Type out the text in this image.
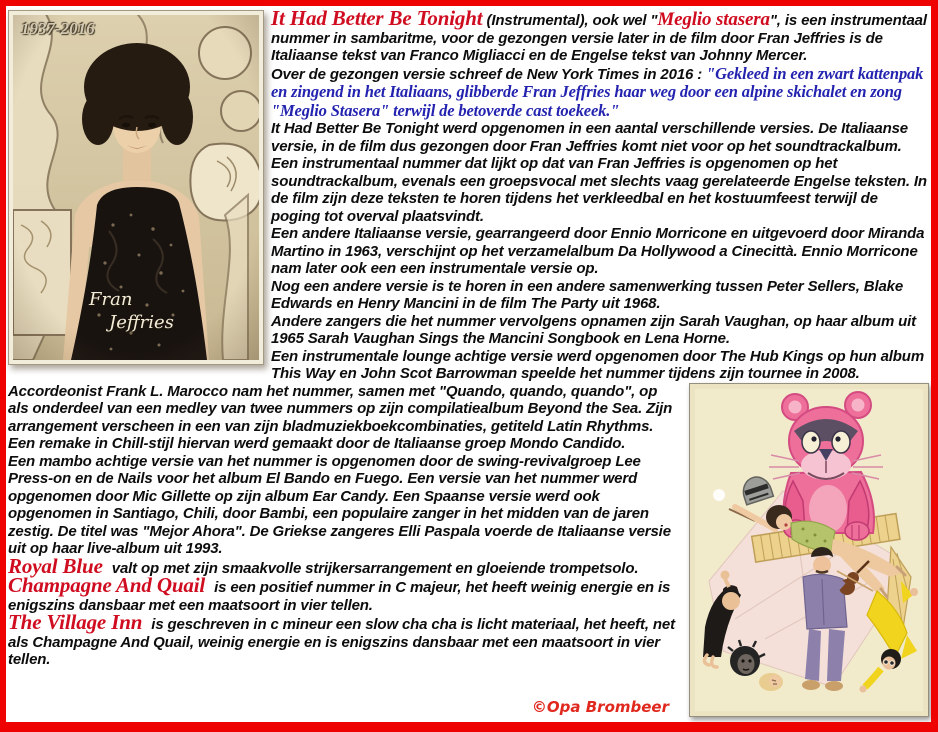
1937-2016
Fran
Jeffries

It Had Better Be Tonight (Instrumental), ook wel "Meglio stasera", is een instrumentaal nummer in sambaritme, voor de gezongen versie later in de film door Fran Jeffries is de Italiaanse tekst van Franco Migliacci en de Engelse tekst van Johnny Mercer.

Over de gezongen versie schreef de New York Times in 2016 : "Gekleed in een zwart kattenpak en zingend in het Italiaans, glibberde Fran Jeffries haar weg door een alpine skichalet en zong "Meglio Stasera" terwijl de betoverde cast toekeek."

It Had Better Be Tonight werd opgenomen in een aantal verschillende versies. De Italiaanse versie, in de film dus gezongen door Fran Jeffries komt niet voor op het soundtrackalbum. Een instrumentaal nummer dat lijkt op dat van Fran Jeffries is opgenomen op het soundtrackalbum, evenals een groepsvocal met slechts vaag gerelateerde Engelse teksten. In de film zijn deze teksten te horen tijdens het verkleedbal en het kostuumfeest terwijl de poging tot overval plaatsvindt.

Een andere Italiaanse versie, gearrangeerd door Ennio Morricone en uitgevoerd door Miranda Martino in 1963, verschijnt op het verzamelalbum Da Hollywood a Cinecittà. Ennio Morricone nam later ook een een instrumentale versie op.

Nog een andere versie is te horen in een andere samenwerking tussen Peter Sellers, Blake Edwards en Henry Mancini in de film The Party uit 1968.

Andere zangers die het nummer vervolgens opnamen zijn Sarah Vaughan, op haar album uit 1965 Sarah Vaughan Sings the Mancini Songbook en Lena Horne.

Een instrumentale lounge achtige versie werd opgenomen door The Hub Kings op hun album This Way en John Scot Barrowman speelde het nummer tijdens zijn tournee in 2008.

Accordeonist Frank L. Marocco nam het nummer, samen met "Quando, quando, quando", op als onderdeel van een medley van twee nummers op zijn compilatiealbum Beyond the Sea. Zijn arrangement verscheen in een van zijn bladmuziekboekcombinaties, getiteld Latin Rhythms.

Een remake in Chill-stijl hiervan werd gemaakt door de Italiaanse groep Mondo Candido.

Een mambo achtige versie van het nummer is opgenomen door de swing-revivalgroep Lee Press-on en de Nails voor het album El Bando en Fuego. Een versie van het nummer werd opgenomen door Mic Gillette op zijn album Ear Candy. Een Spaanse versie werd ook opgenomen in Santiago, Chili, door Bambi, een populaire zanger in het midden van de jaren zestig. De titel was "Mejor Ahora". De Griekse zangeres Elli Paspala voerde de Italiaanse versie uit op haar live-album uit 1993.

Royal Blue valt op met zijn smaakvolle strijkersarrangement en gloeiende trompetsolo.

Champagne And Quail is een positief nummer in C majeur, het heeft weinig energie en is enigszins dansbaar met een maatsoort in vier tellen.

The Village Inn is geschreven in c mineur een slow cha cha is licht materiaal, het heeft, net als Champagne And Quail, weinig energie en is enigszins dansbaar met een maatsoort in vier tellen.

©Opa Brombeer
